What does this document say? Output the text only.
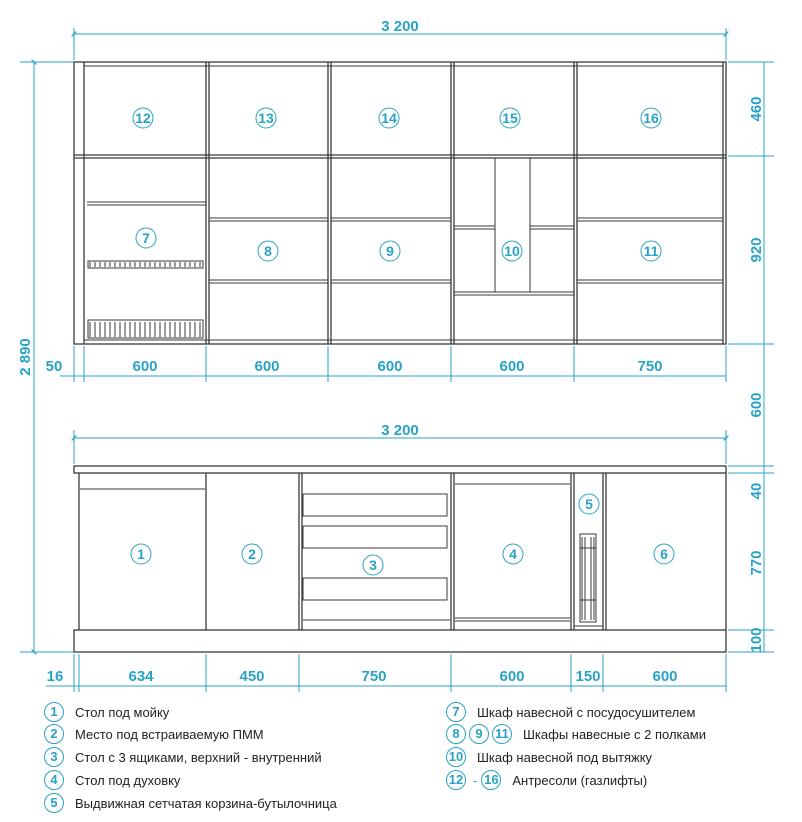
3 200
2 890 50	600	600	600	600	750
460
920
600
3 200
16	634	450	750	600	150	600
40
770
100
12	13	14	15	16
7
8	9	10	11
1	2
3
4
5
6
1	Стол под мойку
2	Место под встраиваемую ПММ
3	Стол с 3 ящиками, верхний - внутренний
4	Стол под духовку
5	Выдвижная сетчатая корзина-бутылочница
7	Шкаф навесной с посудосушителем
8	9 11 Шкафы навесные с 2 полками
10 Шкаф навесной под вытяжку
12 - 16 Антресоли (газлифты)
